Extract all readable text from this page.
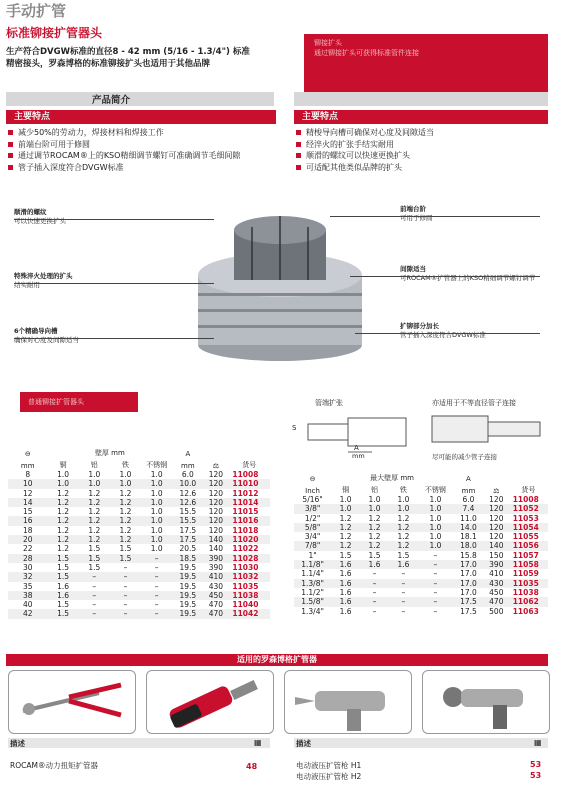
手动扩管
标准铆接扩管器头
生产符合DVGW标准的直径8 - 42 mm (5/16 - 1.3/4") 标准
精密接头，罗森博格的标准铆接扩头也适用于其他品牌
铆接扩头
通过铆接扩头可获得标准管件连接
产品简介
主要特点
减少50%的劳动力，焊接材料和焊接工作
前端台阶可用于修圆
通过调节ROCAM®上的KSO精细调节螺钉可准确调节毛细间隙
管子插入深度符合DVGW标准
主要特点
精梭导向槽可确保对心度及间隙适当
经淬火的扩张手结实耐用
顺滑的螺纹可以快速更换扩头
可适配其他类似品牌的扩头
顺滑的螺纹
可以快速更换扩头
特殊淬火处理的扩头
结实耐用
6个精确导向槽
确保对心度及间隙适当
前端台阶
可用于修圆
间隙适当
可ROCAM®扩管器上的KSO精细调节螺钉调节
扩铆部分加长
管子插入深度符合DVGW标准
普通铆接扩管器头	管端扩张	亦适用于不等直径管子连接
S
A
mm	尽可能的减少管子连接
⊖	壁厚 mm				A		
mm	铜	铝	铁	不锈钢	mm	⚖	货号
8	1.0	1.0	1.0	1.0	6.0	120	11008
10	1.0	1.0	1.0	1.0	10.0	120	11010
12	1.2	1.2	1.2	1.0	12.6	120	11012
14	1.2	1.2	1.2	1.0	12.6	120	11014
15	1.2	1.2	1.2	1.0	15.5	120	11015
16	1.2	1.2	1.2	1.0	15.5	120	11016
18	1.2	1.2	1.2	1.0	17.5	120	11018
20	1.2	1.2	1.2	1.0	17.5	140	11020
22	1.2	1.5	1.5	1.0	20.5	140	11022
28	1.5	1.5	1.5	–	18.5	390	11028
30	1.5	1.5	–	–	19.5	390	11030
32	1.5	–	–	–	19.5	410	11032
35	1.6	–	–	–	19.5	430	11035
38	1.6	–	–	–	19.5	450	11038
40	1.5	–	–	–	19.5	470	11040
42	1.5	–	–	–	19.5	470	11042
⊖	最大壁厚 mm				A		
Inch	铜	铝	铁	不锈钢	mm	⚖	货号
5/16"	1.0	1.0	1.0	1.0	6.0	120	11008
3/8"	1.0	1.0	1.0	1.0	7.4	120	11052
1/2"	1.2	1.2	1.2	1.0	11.0	120	11053
5/8"	1.2	1.2	1.2	1.0	14.0	120	11054
3/4"	1.2	1.2	1.2	1.0	18.1	120	11055
7/8"	1.2	1.2	1.2	1.0	18.0	140	11056
1"	1.5	1.5	1.5	–	15.8	150	11057
1.1/8"	1.6	1.6	1.6	–	17.0	390	11058
1.1/4"	1.6	–	–	–	17.0	410	11059
1.3/8"	1.6	–	–	–	17.0	430	11035
1.1/2"	1.6	–	–	–	17.0	450	11038
1.5/8"	1.6	–	–	–	17.5	470	11062
1.3/4"	1.6	–	–	–	17.5	500	11063
适用的罗森博格扩管器
描述	▦
ROCAM®动力扭矩扩管器	48
描述	▦
电动液压扩管枪 H1	53
电动液压扩管枪 H2	53
